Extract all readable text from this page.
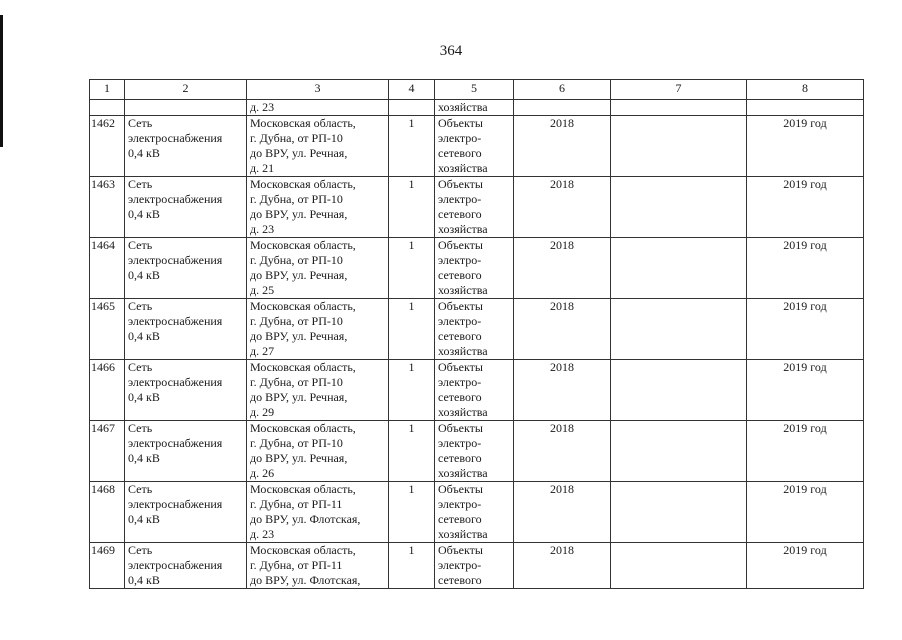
364
1	2	3	4	5	6	7	8
		д. 23		хозяйства			
1462	Сеть
электроснабжения
0,4 кВ	Московская область,
г. Дубна, от РП-10
до ВРУ, ул. Речная,
д. 21	1	Объекты
электро-
сетевого
хозяйства	2018		2019 год
1463	Сеть
электроснабжения
0,4 кВ	Московская область,
г. Дубна, от РП-10
до ВРУ, ул. Речная,
д. 23	1	Объекты
электро-
сетевого
хозяйства	2018		2019 год
1464	Сеть
электроснабжения
0,4 кВ	Московская область,
г. Дубна, от РП-10
до ВРУ, ул. Речная,
д. 25	1	Объекты
электро-
сетевого
хозяйства	2018		2019 год
1465	Сеть
электроснабжения
0,4 кВ	Московская область,
г. Дубна, от РП-10
до ВРУ, ул. Речная,
д. 27	1	Объекты
электро-
сетевого
хозяйства	2018		2019 год
1466	Сеть
электроснабжения
0,4 кВ	Московская область,
г. Дубна, от РП-10
до ВРУ, ул. Речная,
д. 29	1	Объекты
электро-
сетевого
хозяйства	2018		2019 год
1467	Сеть
электроснабжения
0,4 кВ	Московская область,
г. Дубна, от РП-10
до ВРУ, ул. Речная,
д. 26	1	Объекты
электро-
сетевого
хозяйства	2018		2019 год
1468	Сеть
электроснабжения
0,4 кВ	Московская область,
г. Дубна, от РП-11
до ВРУ, ул. Флотская,
д. 23	1	Объекты
электро-
сетевого
хозяйства	2018		2019 год
1469	Сеть
электроснабжения
0,4 кВ	Московская область,
г. Дубна, от РП-11
до ВРУ, ул. Флотская,	1	Объекты
электро-
сетевого	2018		2019 год
